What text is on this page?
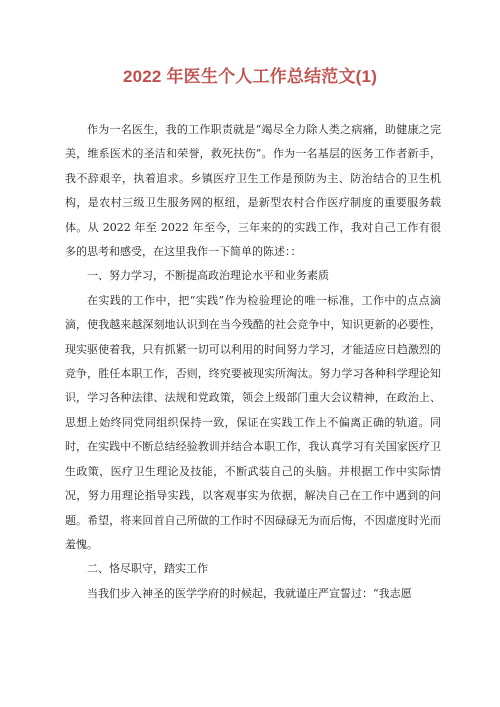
2022 年医生个人工作总结范文(1)

作为一名医生，我的工作职责就是“竭尽全力除人类之病痛，助健康之完美，维系医术的圣洁和荣誉，救死扶伤”。作为一名基层的医务工作者新手，我不辞艰辛，执着追求。乡镇医疗卫生工作是预防为主、防治结合的卫生机构，是农村三级卫生服务网的枢纽，是新型农村合作医疗制度的重要服务载体。从 2022 年至 2022 年至今，三年来的的实践工作，我对自己工作有很多的思考和感受，在这里我作一下简单的陈述：：

一、努力学习，不断提高政治理论水平和业务素质

在实践的工作中，把“实践”作为检验理论的唯一标准，工作中的点点滴滴，使我越来越深刻地认识到在当今残酷的社会竞争中，知识更新的必要性，现实驱使着我，只有抓紧一切可以利用的时间努力学习，才能适应日趋激烈的竞争，胜任本职工作，否则，终究要被现实所淘汰。努力学习各种科学理论知识，学习各种法律、法规和党政策，领会上级部门重大会议精神，在政治上、思想上始终同党同组织保持一致，保证在实践工作上不偏离正确的轨道。同时，在实践中不断总结经验教训并结合本职工作，我认真学习有关国家医疗卫生政策，医疗卫生理论及技能，不断武装自己的头脑。并根据工作中实际情况，努力用理论指导实践，以客观事实为依据，解决自己在工作中遇到的问题。希望，将来回首自己所做的工作时不因碌碌无为而后悔，不因虚度时光而羞愧。

二、恪尽职守，踏实工作

当我们步入神圣的医学学府的时候起，我就谨庄严宣誓过：“我志愿
